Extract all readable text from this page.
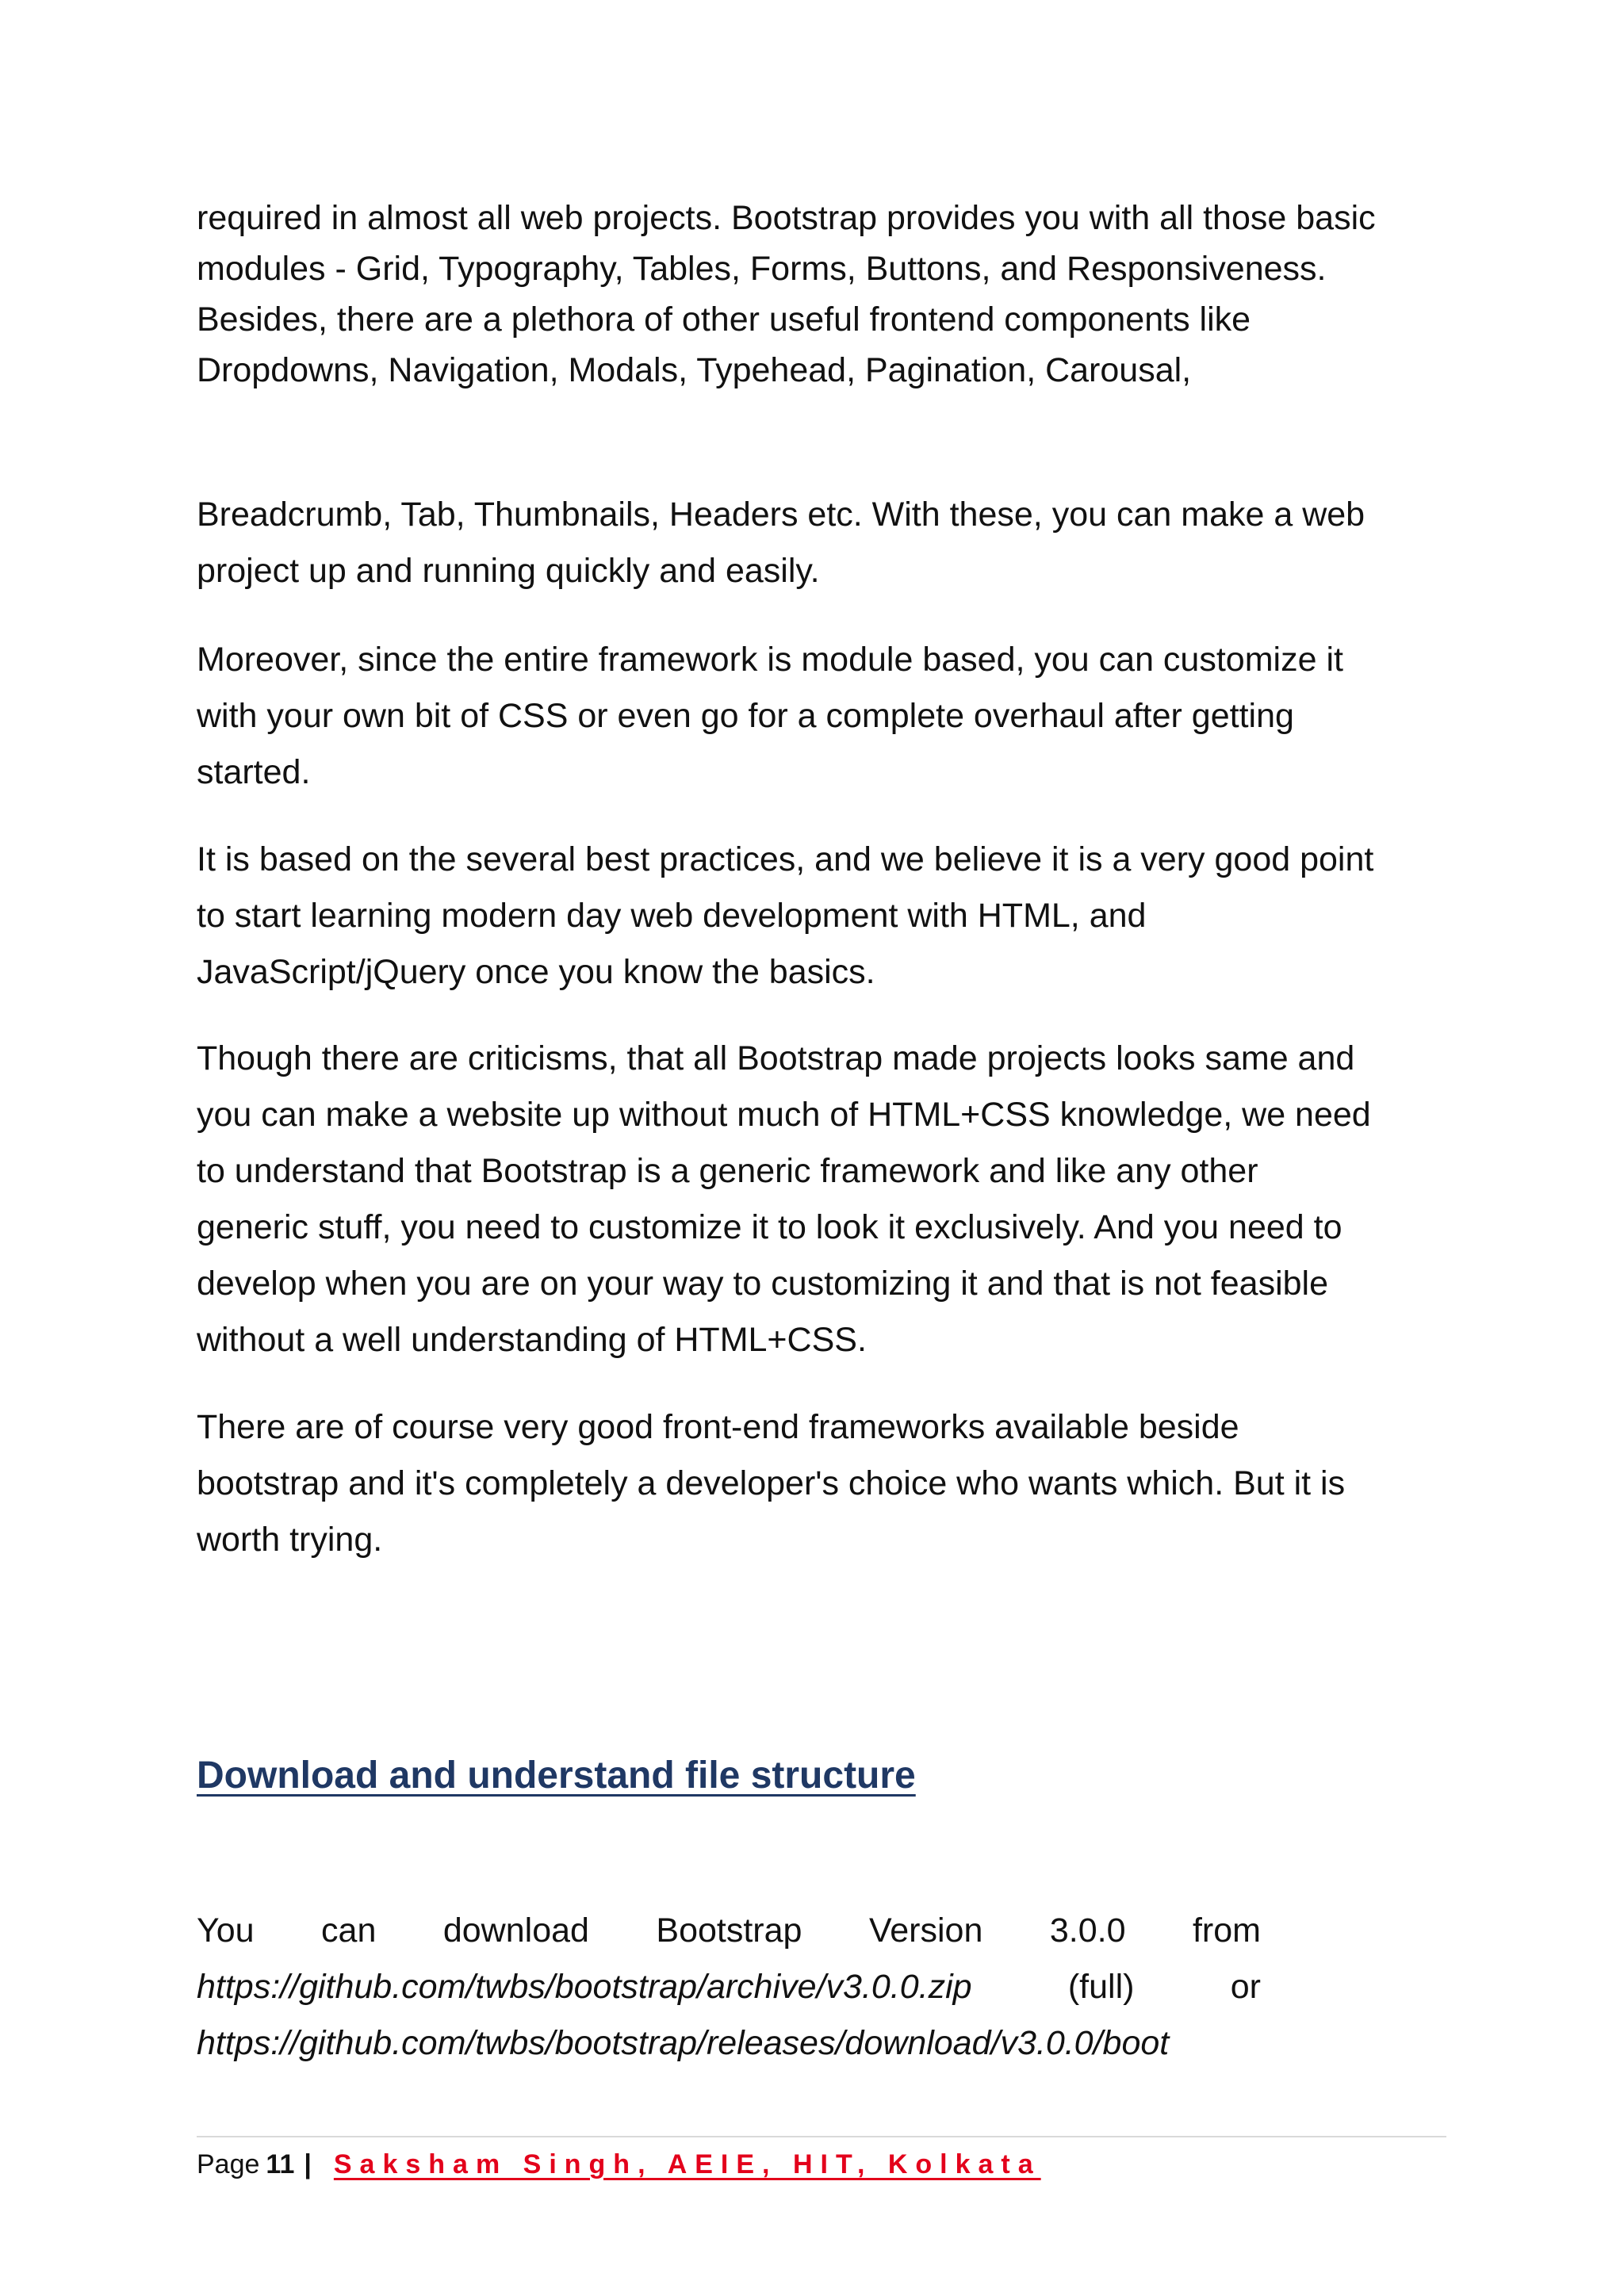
required in almost all web projects. Bootstrap provides you with all those basic
modules - Grid, Typography, Tables, Forms, Buttons, and Responsiveness.
Besides, there are a plethora of other useful frontend components like
Dropdowns, Navigation, Modals, Typehead, Pagination, Carousal,
Breadcrumb, Tab, Thumbnails, Headers etc. With these, you can make a web
project up and running quickly and easily.
Moreover, since the entire framework is module based, you can customize it
with your own bit of CSS or even go for a complete overhaul after getting
started.
It is based on the several best practices, and we believe it is a very good point
to start learning modern day web development with HTML, and
JavaScript/jQuery once you know the basics.
Though there are criticisms, that all Bootstrap made projects looks same and
you can make a website up without much of HTML+CSS knowledge, we need
to understand that Bootstrap is a generic framework and like any other
generic stuff, you need to customize it to look it exclusively. And you need to
develop when you are on your way to customizing it and that is not feasible
without a well understanding of HTML+CSS.
There are of course very good front-end frameworks available beside
bootstrap and it's completely a developer's choice who wants which. But it is
worth trying.
Download and understand file structure
You can download Bootstrap Version 3.0.0 from
https://github.com/twbs/bootstrap/archive/v3.0.0.zip	(full)	or
https://github.com/twbs/bootstrap/releases/download/v3.0.0/boot
Page 11 | Saksham Singh, AEIE, HIT, Kolkata
